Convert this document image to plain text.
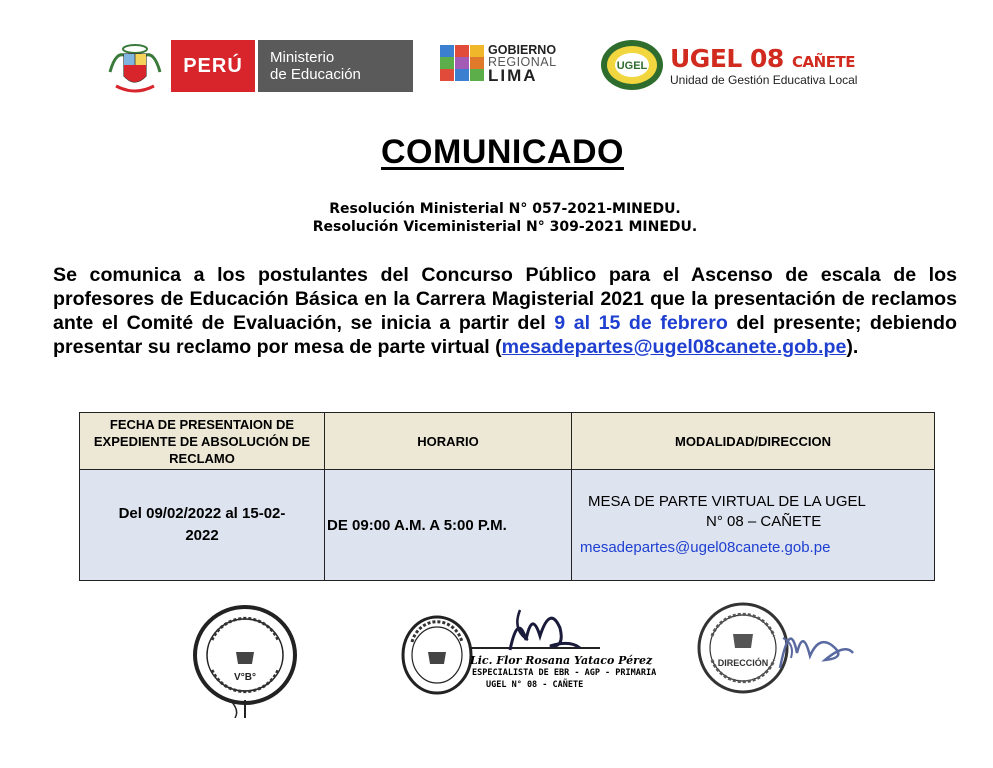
PERÚ Ministerio
de Educación
GOBIERNO
REGIONAL
LIMA	UGEL UGEL 08 CAÑETE
Unidad de Gestión Educativa Local
COMUNICADO
Resolución Ministerial N° 057-2021-MINEDU.
Resolución Viceministerial N° 309-2021 MINEDU.
Se comunica a los postulantes del Concurso Público para el Ascenso de escala de los profesores de Educación Básica en la Carrera Magisterial 2021 que la presentación de reclamos ante el Comité de Evaluación, se inicia a partir del 9 al 15 de febrero del presente; debiendo presentar su reclamo por mesa de parte virtual (mesadepartes@ugel08canete.gob.pe).
FECHA DE PRESENTAION DE EXPEDIENTE DE ABSOLUCIÓN DE RECLAMO	HORARIO	MODALIDAD/DIRECCION
Del 09/02/2022 al 15-02-2022	DE 09:00 A.M. A 5:00 P.M.	MESA DE PARTE VIRTUAL DE LA UGEL
N° 08 – CAÑETE
mesadepartes@ugel08canete.gob.pe
V°B°
Lic. Flor Rosana Yataco Pérez
ESPECIALISTA DE EBR - AGP - PRIMARIA
UGEL N° 08 - CAÑETE
DIRECCIÓN
